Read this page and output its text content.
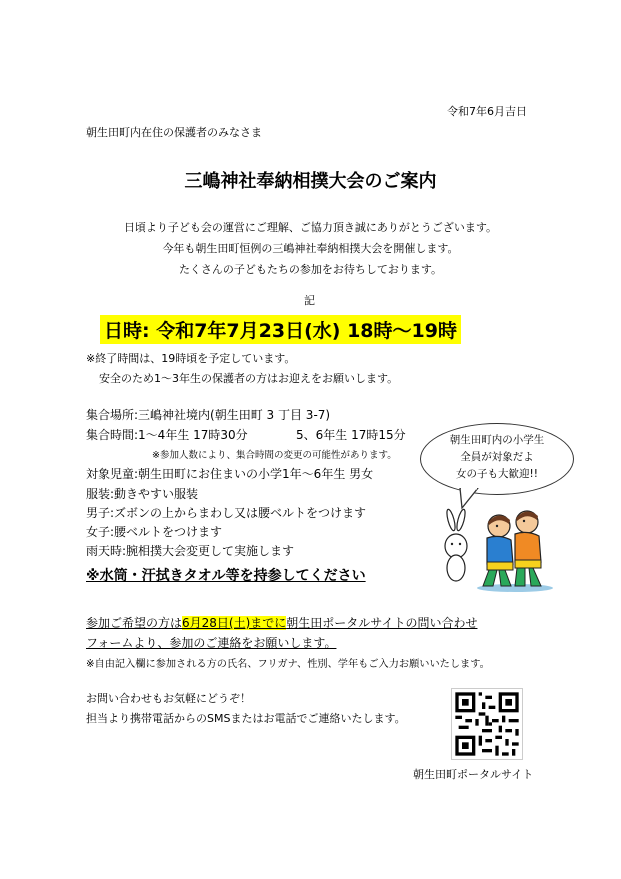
令和7年6月吉日
朝生田町内在住の保護者のみなさま
三嶋神社奉納相撲大会のご案内
日頃より子ども会の運営にご理解、ご協力頂き誠にありがとうございます。
今年も朝生田町恒例の三嶋神社奉納相撲大会を開催します。
たくさんの子どもたちの参加をお待ちしております。
記
日時: 令和7年7月23日(水) 18時～19時
※終了時間は、19時頃を予定しています。
安全のため1～3年生の保護者の方はお迎えをお願いします。
集合場所:三嶋神社境内(朝生田町 3 丁目 3-7)
集合時間:1～4年生 17時30分	5、6年生 17時15分
※参加人数により、集合時間の変更の可能性があります。
対象児童:朝生田町にお住まいの小学1年～6年生 男女
服装:動きやすい服装
男子:ズボンの上からまわし又は腰ベルトをつけます
女子:腰ベルトをつけます
雨天時:腕相撲大会変更して実施します
※水筒・汗拭きタオル等を持参してください
朝生田町内の小学生
全員が対象だよ
女の子も大歓迎!!
参加ご希望の方は6月28日(土)までに朝生田ポータルサイトの問い合わせ
フォームより、参加のご連絡をお願いします。
※自由記入欄に参加される方の氏名、フリガナ、性別、学年もご入力お願いいたします。
お問い合わせもお気軽にどうぞ！
担当より携帯電話からのSMSまたはお電話でご連絡いたします。
朝生田町ポータルサイト
